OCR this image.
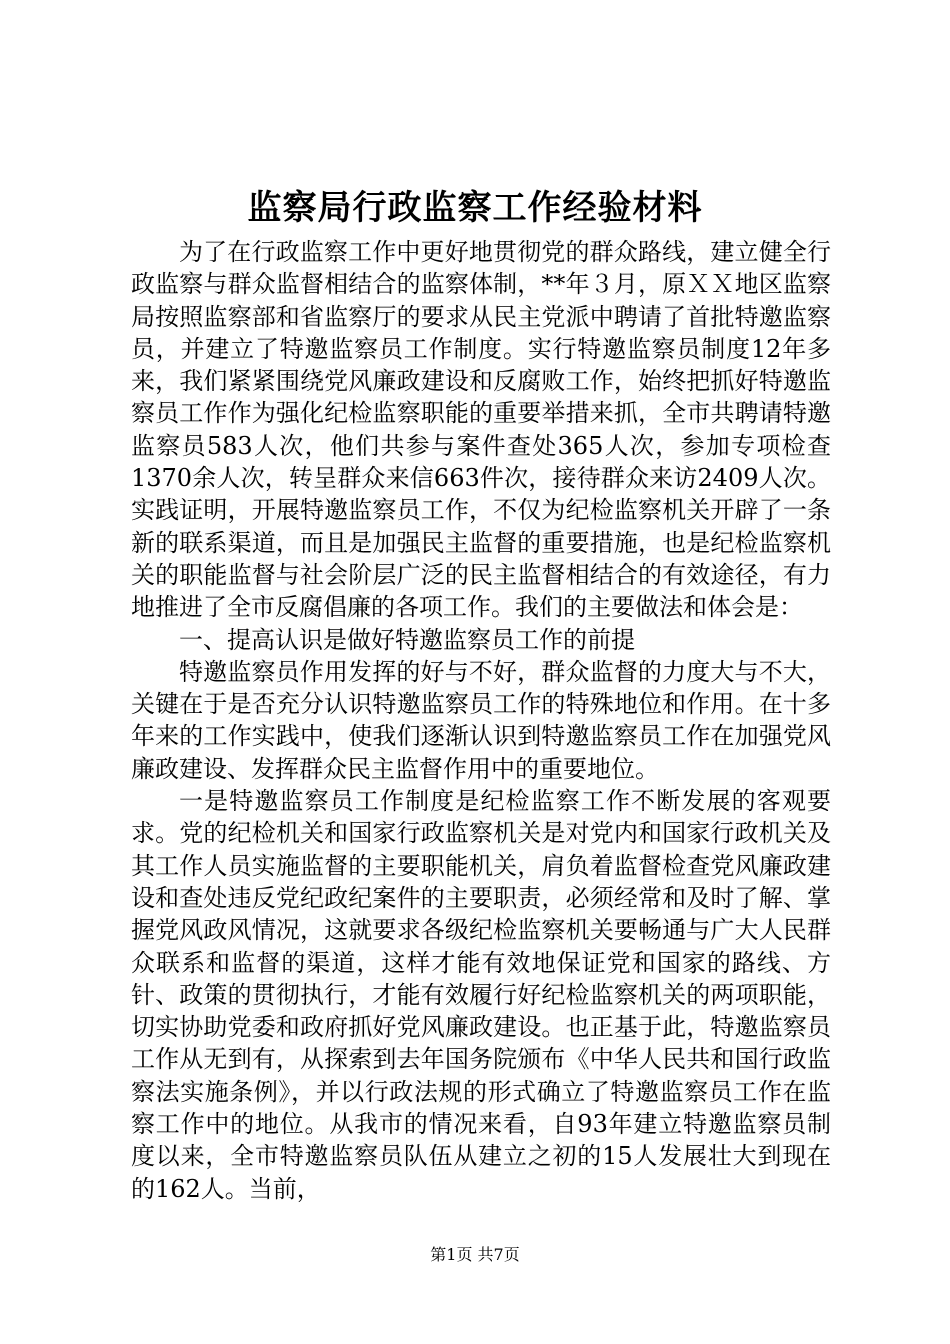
监察局行政监察工作经验材料

为了在行政监察工作中更好地贯彻党的群众路线，建立健全行政监察与群众监督相结合的监察体制，**年３月，原ＸＸ地区监察局按照监察部和省监察厅的要求从民主党派中聘请了首批特邀监察员，并建立了特邀监察员工作制度。实行特邀监察员制度12年多来，我们紧紧围绕党风廉政建设和反腐败工作，始终把抓好特邀监察员工作作为强化纪检监察职能的重要举措来抓，全市共聘请特邀监察员583人次，他们共参与案件查处365人次，参加专项检查1370余人次，转呈群众来信663件次，接待群众来访2409人次。实践证明，开展特邀监察员工作，不仅为纪检监察机关开辟了一条新的联系渠道，而且是加强民主监督的重要措施，也是纪检监察机关的职能监督与社会阶层广泛的民主监督相结合的有效途径，有力地推进了全市反腐倡廉的各项工作。我们的主要做法和体会是：

一、提高认识是做好特邀监察员工作的前提

特邀监察员作用发挥的好与不好，群众监督的力度大与不大，关键在于是否充分认识特邀监察员工作的特殊地位和作用。在十多年来的工作实践中，使我们逐渐认识到特邀监察员工作在加强党风廉政建设、发挥群众民主监督作用中的重要地位。

一是特邀监察员工作制度是纪检监察工作不断发展的客观要求。党的纪检机关和国家行政监察机关是对党内和国家行政机关及其工作人员实施监督的主要职能机关，肩负着监督检查党风廉政建设和查处违反党纪政纪案件的主要职责，必须经常和及时了解、掌握党风政风情况，这就要求各级纪检监察机关要畅通与广大人民群众联系和监督的渠道，这样才能有效地保证党和国家的路线、方针、政策的贯彻执行，才能有效履行好纪检监察机关的两项职能，切实协助党委和政府抓好党风廉政建设。也正基于此，特邀监察员工作从无到有，从探索到去年国务院颁布《中华人民共和国行政监察法实施条例》，并以行政法规的形式确立了特邀监察员工作在监察工作中的地位。从我市的情况来看，自93年建立特邀监察员制度以来，全市特邀监察员队伍从建立之初的15人发展壮大到现在的162人。当前，

第1页 共7页
